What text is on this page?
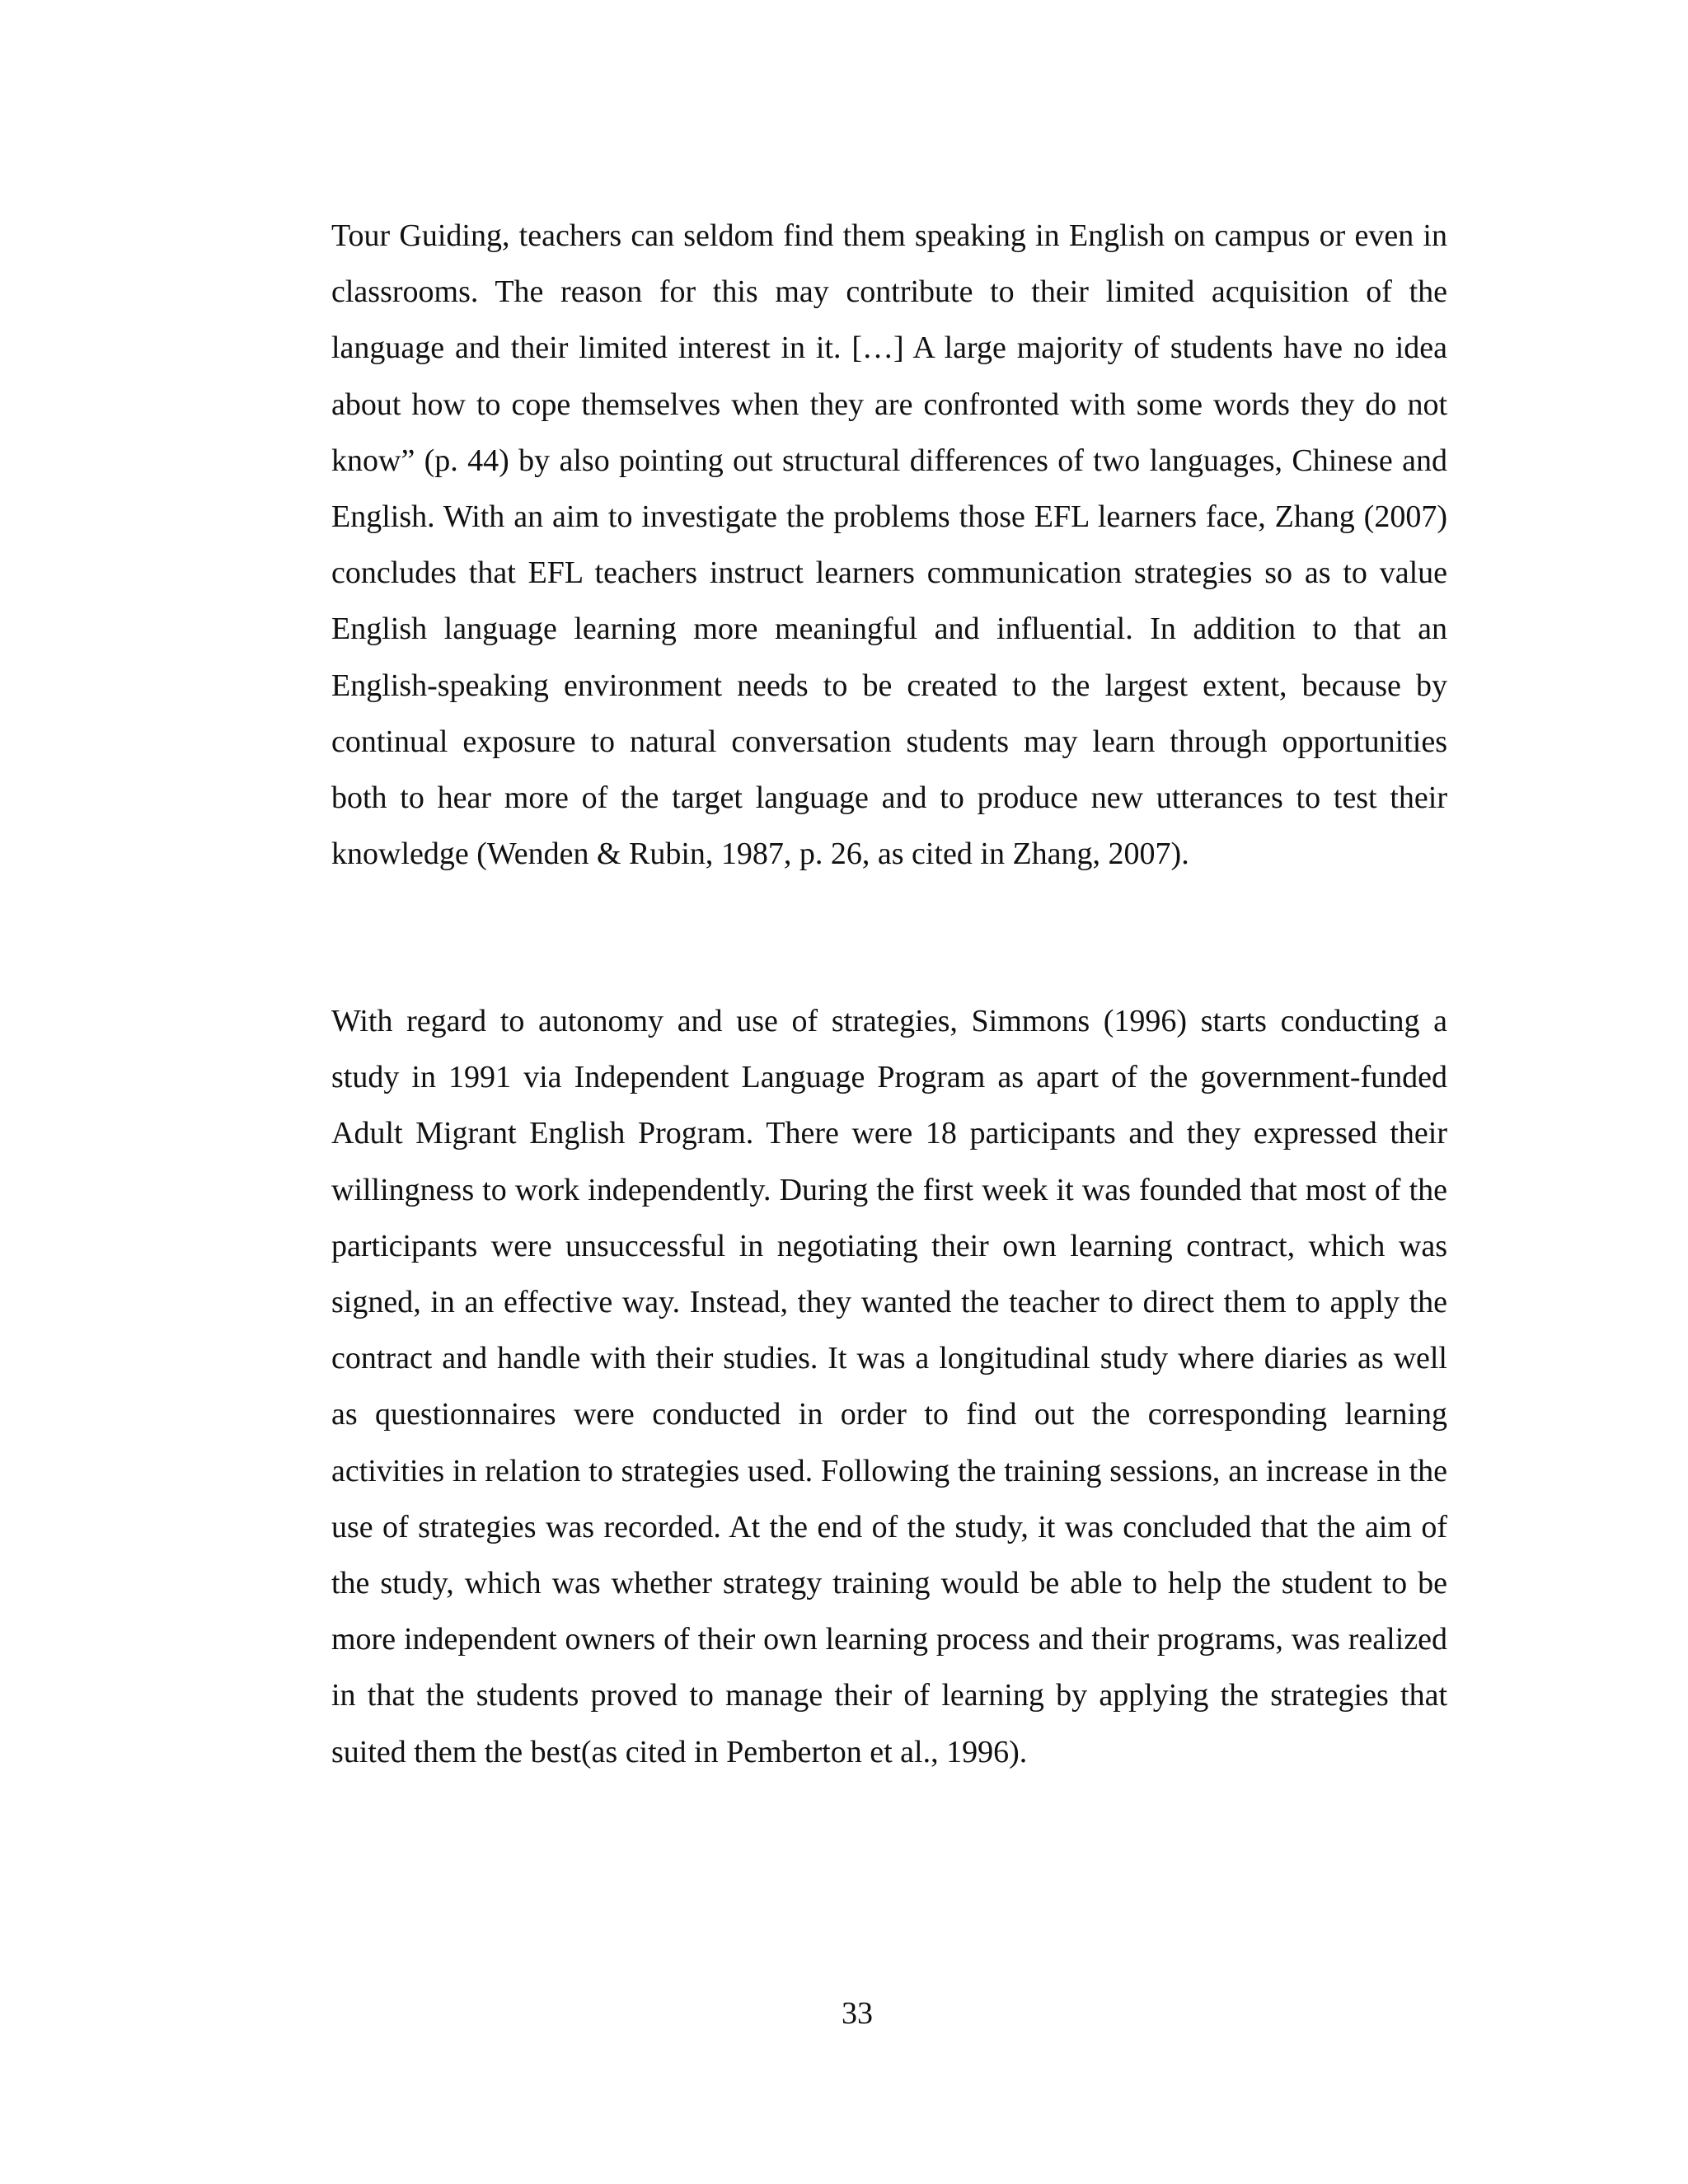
Tour Guiding, teachers can seldom find them speaking in English on campus or even in classrooms. The reason for this may contribute to their limited acquisition of the language and their limited interest in it. […] A large majority of students have no idea about how to cope themselves when they are confronted with some words they do not know” (p. 44) by also pointing out structural differences of two languages, Chinese and English. With an aim to investigate the problems those EFL learners face, Zhang (2007) concludes that EFL teachers instruct learners communication strategies so as to value English language learning more meaningful and influential. In addition to that an English-speaking environment needs to be created to the largest extent, because by continual exposure to natural conversation students may learn through opportunities both to hear more of the target language and to produce new utterances to test their knowledge (Wenden & Rubin, 1987, p. 26, as cited in Zhang, 2007).

With regard to autonomy and use of strategies, Simmons (1996) starts conducting a study in 1991 via Independent Language Program as apart of the government-funded Adult Migrant English Program. There were 18 participants and they expressed their willingness to work independently. During the first week it was founded that most of the participants were unsuccessful in negotiating their own learning contract, which was signed, in an effective way. Instead, they wanted the teacher to direct them to apply the contract and handle with their studies. It was a longitudinal study where diaries as well as questionnaires were conducted in order to find out the corresponding learning activities in relation to strategies used. Following the training sessions, an increase in the use of strategies was recorded. At the end of the study, it was concluded that the aim of the study, which was whether strategy training would be able to help the student to be more independent owners of their own learning process and their programs, was realized in that the students proved to manage their of learning by applying the strategies that suited them the best(as cited in Pemberton et al., 1996).

33
